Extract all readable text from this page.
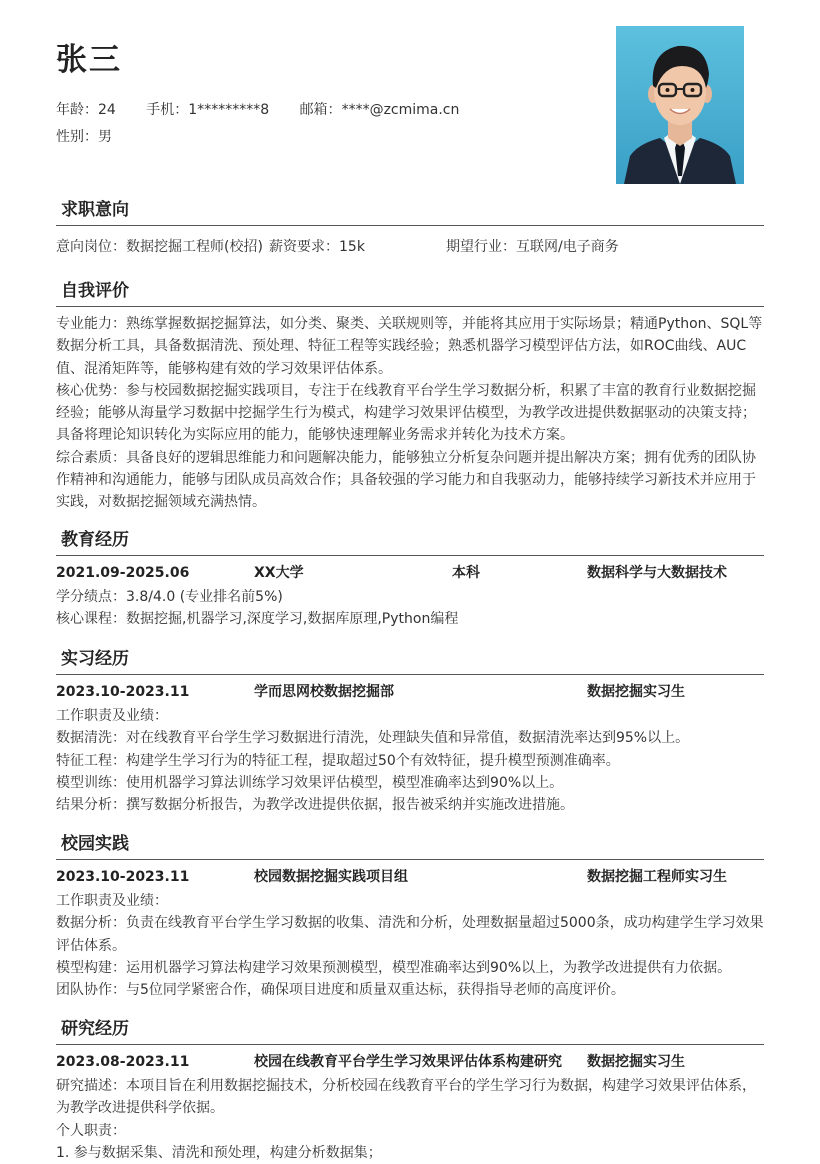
张三
年龄：24 手机：1*********8 邮箱：****@zcmima.cn
性别：男
求职意向
意向岗位：数据挖掘工程师(校招) 薪资要求：15k	期望行业：互联网/电子商务
自我评价
专业能力：熟练掌握数据挖掘算法，如分类、聚类、关联规则等，并能将其应用于实际场景；精通Python、SQL等
数据分析工具，具备数据清洗、预处理、特征工程等实践经验；熟悉机器学习模型评估方法，如ROC曲线、AUC
值、混淆矩阵等，能够构建有效的学习效果评估体系。
核心优势：参与校园数据挖掘实践项目，专注于在线教育平台学生学习数据分析，积累了丰富的教育行业数据挖掘
经验；能够从海量学习数据中挖掘学生行为模式，构建学习效果评估模型，为教学改进提供数据驱动的决策支持；
具备将理论知识转化为实际应用的能力，能够快速理解业务需求并转化为技术方案。
综合素质：具备良好的逻辑思维能力和问题解决能力，能够独立分析复杂问题并提出解决方案；拥有优秀的团队协
作精神和沟通能力，能够与团队成员高效合作；具备较强的学习能力和自我驱动力，能够持续学习新技术并应用于
实践，对数据挖掘领域充满热情。
教育经历
2021.09-2025.06	XX大学	本科	数据科学与大数据技术
学分绩点：3.8/4.0 (专业排名前5%)
核心课程：数据挖掘,机器学习,深度学习,数据库原理,Python编程
实习经历
2023.10-2023.11	学而思网校数据挖掘部	数据挖掘实习生
工作职责及业绩：
数据清洗：对在线教育平台学生学习数据进行清洗，处理缺失值和异常值，数据清洗率达到95%以上。
特征工程：构建学生学习行为的特征工程，提取超过50个有效特征，提升模型预测准确率。
模型训练：使用机器学习算法训练学习效果评估模型，模型准确率达到90%以上。
结果分析：撰写数据分析报告，为教学改进提供依据，报告被采纳并实施改进措施。
校园实践
2023.10-2023.11	校园数据挖掘实践项目组	数据挖掘工程师实习生
工作职责及业绩：
数据分析：负责在线教育平台学生学习数据的收集、清洗和分析，处理数据量超过5000条，成功构建学生学习效果
评估体系。
模型构建：运用机器学习算法构建学习效果预测模型，模型准确率达到90%以上，为教学改进提供有力依据。
团队协作：与5位同学紧密合作，确保项目进度和质量双重达标，获得指导老师的高度评价。
研究经历
2023.08-2023.11	校园在线教育平台学生学习效果评估体系构建研究 数据挖掘实习生
研究描述：本项目旨在利用数据挖掘技术，分析校园在线教育平台的学生学习行为数据，构建学习效果评估体系，
为教学改进提供科学依据。
个人职责：
1. 参与数据采集、清洗和预处理，构建分析数据集；
